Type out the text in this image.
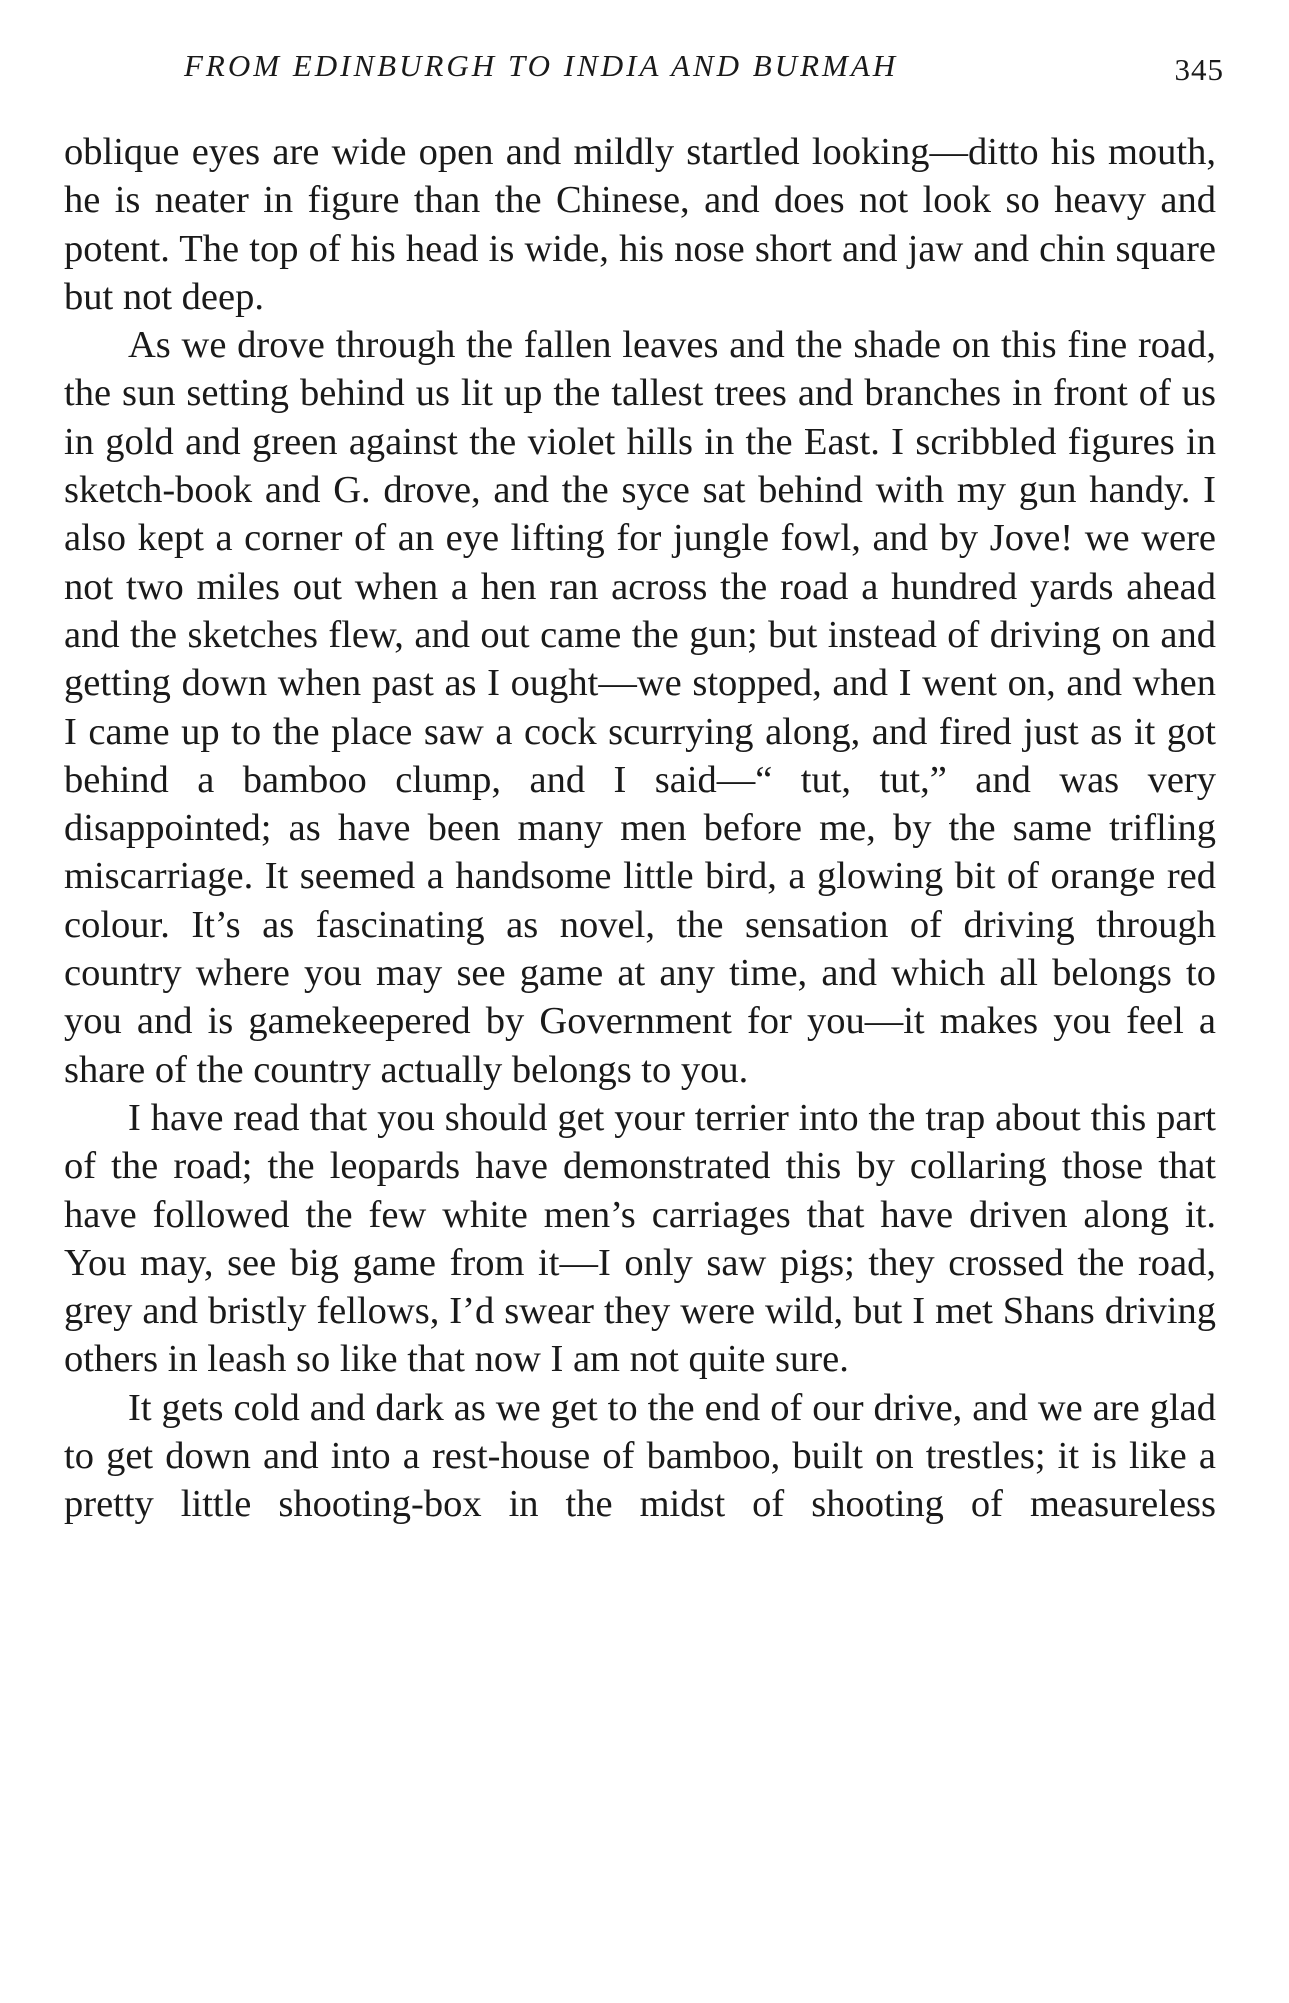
FROM EDINBURGH TO INDIA AND BURMAH	345

oblique eyes are wide open and mildly startled looking—ditto his mouth, he is neater in figure than the Chinese, and does not look so heavy and potent. The top of his head is wide, his nose short and jaw and chin square but not deep.

As we drove through the fallen leaves and the shade on this fine road, the sun setting behind us lit up the tallest trees and branches in front of us in gold and green against the violet hills in the East. I scribbled figures in sketch-book and G. drove, and the syce sat behind with my gun handy. I also kept a corner of an eye lifting for jungle fowl, and by Jove! we were not two miles out when a hen ran across the road a hundred yards ahead and the sketches flew, and out came the gun; but instead of driving on and getting down when past as I ought—we stopped, and I went on, and when I came up to the place saw a cock scurrying along, and fired just as it got behind a bamboo clump, and I said—“ tut, tut,” and was very disappointed; as have been many men before me, by the same trifling miscarriage. It seemed a handsome little bird, a glowing bit of orange red colour. It’s as fascinating as novel, the sensation of driving through country where you may see game at any time, and which all belongs to you and is gamekeepered by Government for you—it makes you feel a share of the country actually belongs to you.

I have read that you should get your terrier into the trap about this part of the road; the leopards have demonstrated this by collaring those that have followed the few white men’s carriages that have driven along it. You may, see big game from it—I only saw pigs; they crossed the road, grey and bristly fellows, I’d swear they were wild, but I met Shans driving others in leash so like that now I am not quite sure.

It gets cold and dark as we get to the end of our drive, and we are glad to get down and into a rest-house of bamboo, built on trestles; it is like a pretty little shooting-box in the midst of shooting of measureless
